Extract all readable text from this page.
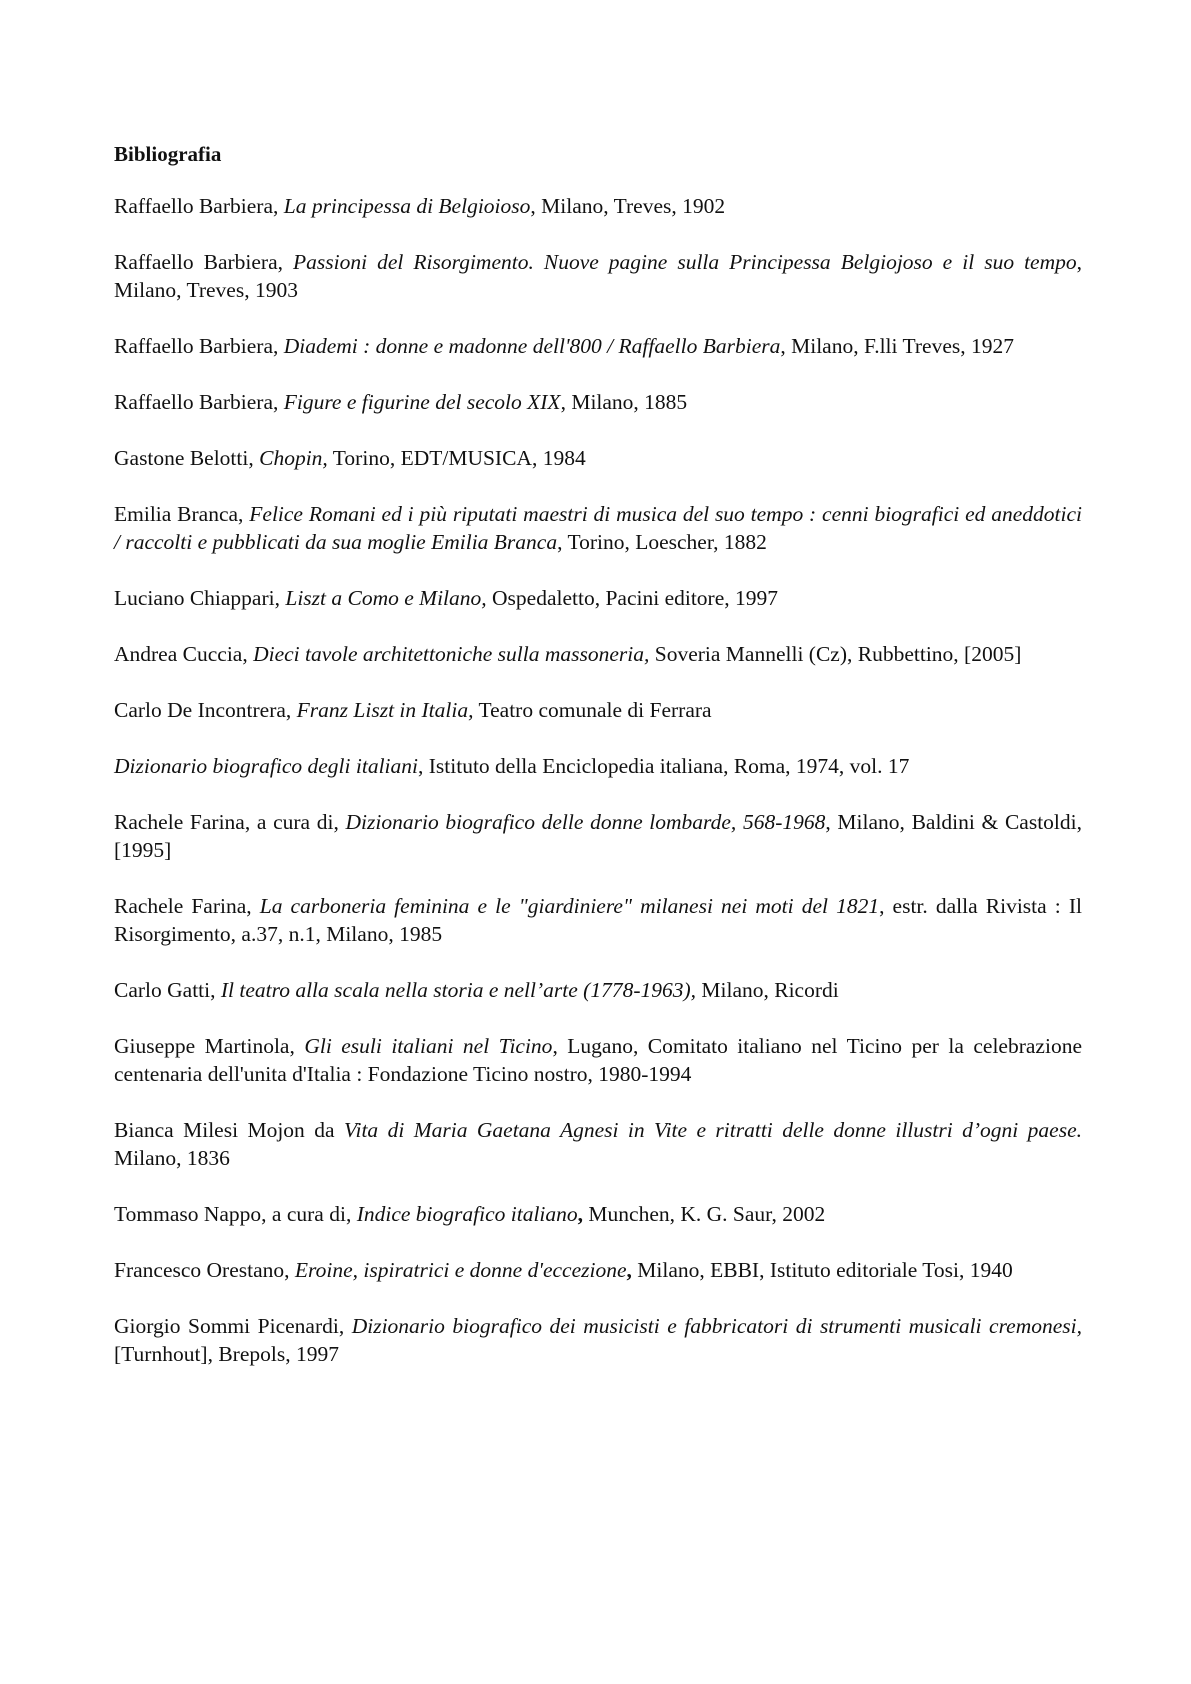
Bibliografia

Raffaello Barbiera, La principessa di Belgioioso, Milano, Treves, 1902

Raffaello Barbiera, Passioni del Risorgimento. Nuove pagine sulla Principessa Belgiojoso e il suo tempo, Milano, Treves, 1903

Raffaello Barbiera, Diademi : donne e madonne dell'800 / Raffaello Barbiera, Milano, F.lli Treves, 1927

Raffaello Barbiera, Figure e figurine del secolo XIX, Milano, 1885

Gastone Belotti, Chopin, Torino, EDT/MUSICA, 1984

Emilia Branca, Felice Romani ed i più riputati maestri di musica del suo tempo : cenni biografici ed aneddotici / raccolti e pubblicati da sua moglie Emilia Branca, Torino, Loescher, 1882

Luciano Chiappari, Liszt a Como e Milano, Ospedaletto, Pacini editore, 1997

Andrea Cuccia, Dieci tavole architettoniche sulla massoneria, Soveria Mannelli (Cz), Rubbettino, [2005]

Carlo De Incontrera, Franz Liszt in Italia, Teatro comunale di Ferrara

Dizionario biografico degli italiani, Istituto della Enciclopedia italiana, Roma, 1974, vol. 17

Rachele Farina, a cura di, Dizionario biografico delle donne lombarde, 568-1968, Milano, Baldini & Castoldi, [1995]

Rachele Farina, La carboneria feminina e le "giardiniere" milanesi nei moti del 1821, estr. dalla Rivista : Il Risorgimento, a.37, n.1, Milano, 1985

Carlo Gatti, Il teatro alla scala nella storia e nell’arte (1778-1963), Milano, Ricordi

Giuseppe Martinola, Gli esuli italiani nel Ticino, Lugano, Comitato italiano nel Ticino per la celebrazione centenaria dell'unita d'Italia : Fondazione Ticino nostro, 1980-1994

Bianca Milesi Mojon da Vita di Maria Gaetana Agnesi in Vite e ritratti delle donne illustri d’ogni paese. Milano, 1836

Tommaso Nappo, a cura di, Indice biografico italiano, Munchen, K. G. Saur, 2002

Francesco Orestano, Eroine, ispiratrici e donne d'eccezione, Milano, EBBI, Istituto editoriale Tosi, 1940

Giorgio Sommi Picenardi, Dizionario biografico dei musicisti e fabbricatori di strumenti musicali cremonesi, [Turnhout], Brepols, 1997
